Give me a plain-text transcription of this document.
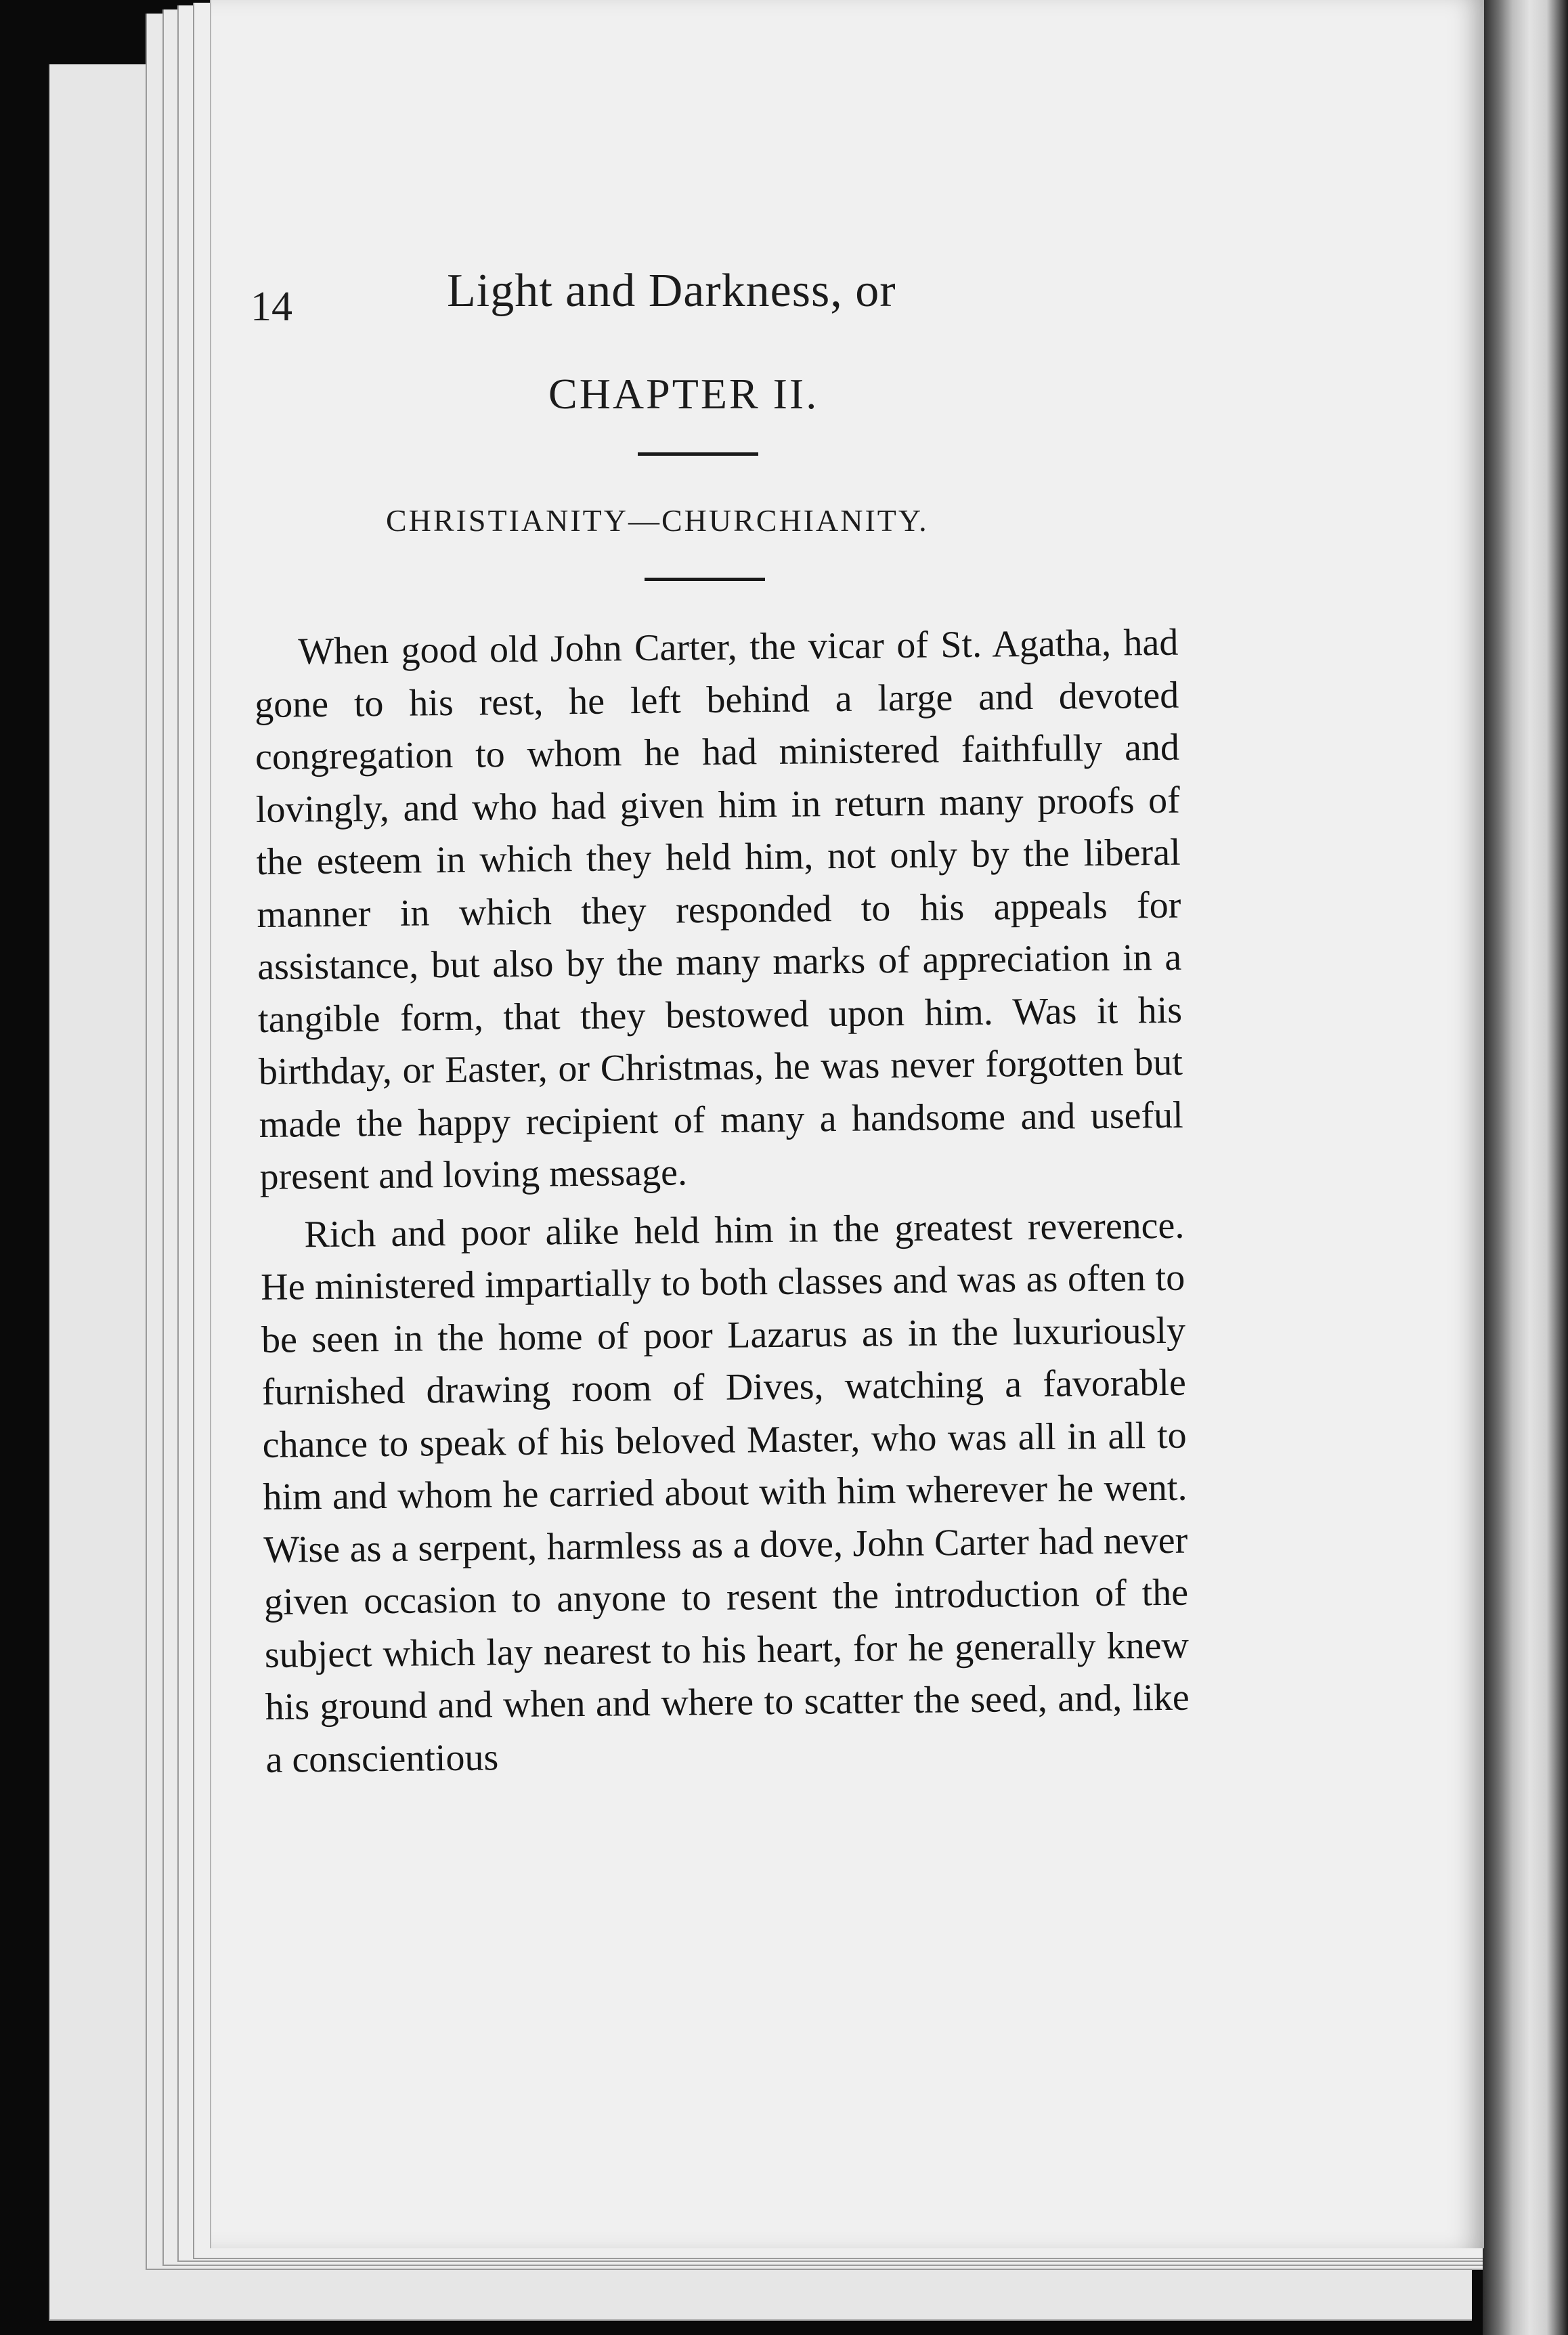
14	Light and Darkness, or
CHAPTER II.
CHRISTIANITY—CHURCHIANITY.

When good old John Carter, the vicar of St. Agatha, had gone to his rest, he left behind a large and devoted congregation to whom he had ministered faithfully and lovingly, and who had given him in return many proofs of the esteem in which they held him, not only by the liberal manner in which they responded to his appeals for assistance, but also by the many marks of appreciation in a tangible form, that they bestowed upon him. Was it his birthday, or Easter, or Christmas, he was never forgotten but made the happy recipient of many a handsome and useful present and loving message.

Rich and poor alike held him in the greatest reverence. He ministered impartially to both classes and was as often to be seen in the home of poor Lazarus as in the luxuriously furnished drawing room of Dives, watching a favorable chance to speak of his beloved Master, who was all in all to him and whom he carried about with him wherever he went. Wise as a serpent, harmless as a dove, John Carter had never given occasion to anyone to resent the introduction of the subject which lay nearest to his heart, for he generally knew his ground and when and where to scatter the seed, and, like a conscientious
